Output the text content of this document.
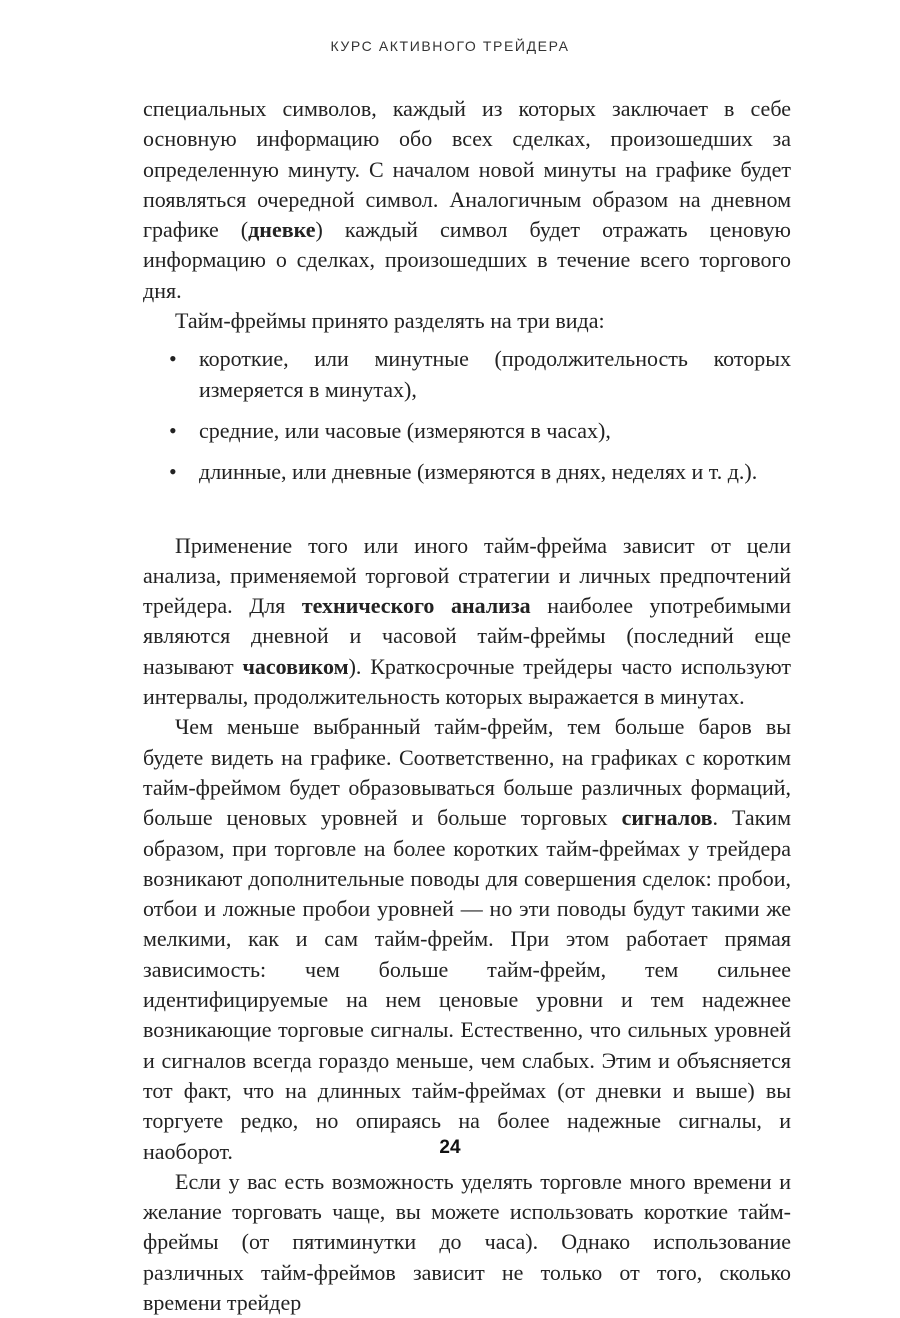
КУРС АКТИВНОГО ТРЕЙДЕРА

специальных символов, каждый из которых заключает в себе основную информацию обо всех сделках, произошедших за определенную минуту. С началом новой минуты на графике будет появляться очередной символ. Аналогичным образом на дневном графике (дневке) каждый символ будет отражать ценовую информацию о сделках, произошедших в течение всего торгового дня.

Тайм-фреймы принято разделять на три вида:

• короткие, или минутные (продолжительность которых измеряется в минутах),
• средние, или часовые (измеряются в часах),
• длинные, или дневные (измеряются в днях, неделях и т. д.).

Применение того или иного тайм-фрейма зависит от цели анализа, применяемой торговой стратегии и личных предпочтений трейдера. Для технического анализа наиболее употребимыми являются дневной и часовой тайм-фреймы (последний еще называют часовиком). Краткосрочные трейдеры часто используют интервалы, продолжительность которых выражается в минутах.

Чем меньше выбранный тайм-фрейм, тем больше баров вы будете видеть на графике. Соответственно, на графиках с коротким тайм-фреймом будет образовываться больше различных формаций, больше ценовых уровней и больше торговых сигналов. Таким образом, при торговле на более коротких тайм-фреймах у трейдера возникают дополнительные поводы для совершения сделок: пробои, отбои и ложные пробои уровней — но эти поводы будут такими же мелкими, как и сам тайм-фрейм. При этом работает прямая зависимость: чем больше тайм-фрейм, тем сильнее идентифицируемые на нем ценовые уровни и тем надежнее возникающие торговые сигналы. Естественно, что сильных уровней и сигналов всегда гораздо меньше, чем слабых. Этим и объясняется тот факт, что на длинных тайм-фреймах (от дневки и выше) вы торгуете редко, но опираясь на более надежные сигналы, и наоборот.

Если у вас есть возможность уделять торговле много времени и желание торговать чаще, вы можете использовать короткие тайм-фреймы (от пятиминутки до часа). Однако использование различных тайм-фреймов зависит не только от того, сколько времени трейдер

24
